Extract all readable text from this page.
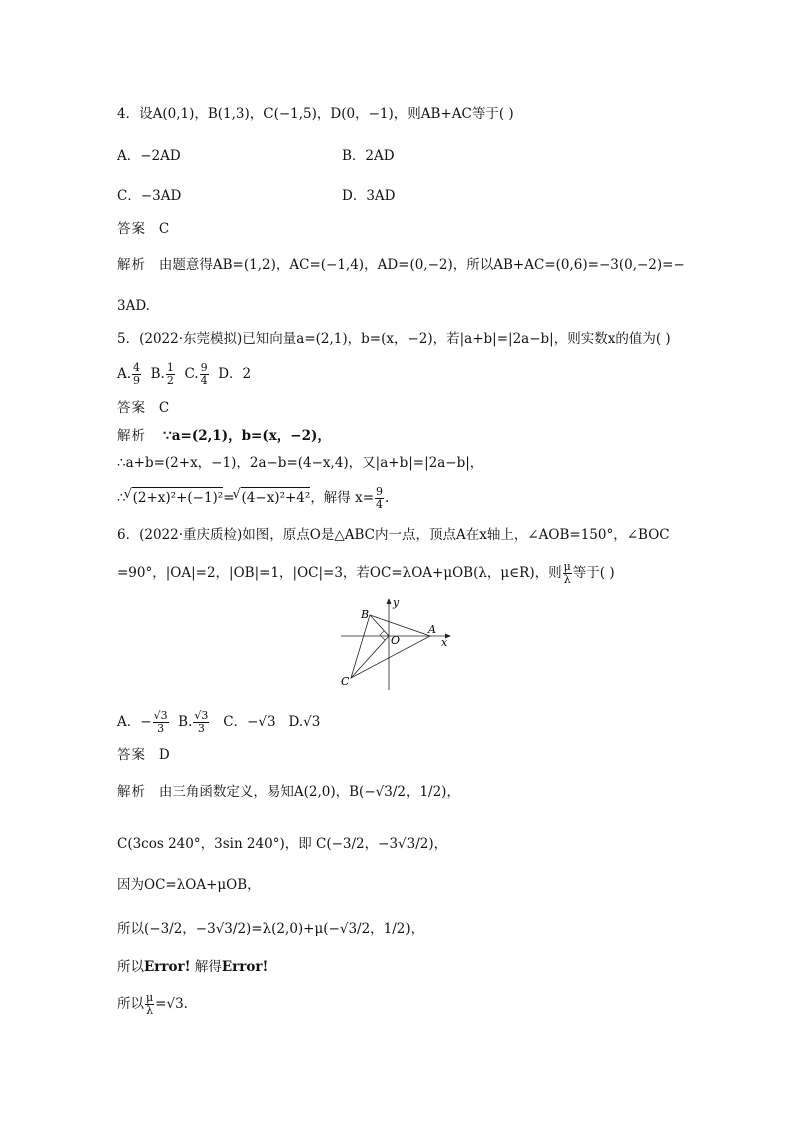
4．设A(0,1)，B(1,3)，C(−1,5)，D(0，−1)，则AB+AC等于( )
A．−2AD	B．2AD
C．−3AD	D．3AD
答案 C
解析 由题意得AB=(1,2)，AC=(−1,4)，AD=(0,−2)，所以AB+AC=(0,6)=−3(0,−2)=−
3AD.
5．(2022·东莞模拟)已知向量a=(2,1)，b=(x，−2)，若|a+b|=|2a−b|，则实数x的值为( )
A. $\frac{4}{9} B$. $\frac{1}{2} C$. $\frac{9}{4}$ D．2
答案 C
解析 ∵a=(2,1)，b=(x，−2)，
∴a+b=(2+x，−1)，2a−b=(4−x,4)，又|a+b|=|2a−b|，
∴ √ (2+x)²+(−1)²= √ (4−x)²+4²，解得 $x= \frac{9}{4}$ .
6．(2022·重庆质检)如图，原点O是△ABC内一点，顶点A在x轴上，∠AOB=150°，∠BOC
=90°，|OA|=2，|OB|=1，|OC|=3，若OC=λOA+μOB(λ，μ∈R)，则 $\frac{\mu}{\lambda}$ 等于( )
B
O
A
C
x
y
A．− $\frac{√3}{3} B$. $\frac{√3}{3}$ C．−√3 D.√3
答案 D
解析 由三角函数定义，易知A(2,0)，B(−√3/2，1/2)，
C(3cos 240°，3sin 240°)，即 C(−3/2，−3√3/2)，
因为OC=λOA+μOB，
所以(−3/2，−3√3/2)=λ(2,0)+μ(−√3/2，1/2)，
所以Error! 解得Error!
所以 $\frac{\mu}{\lambda} =√3$.
